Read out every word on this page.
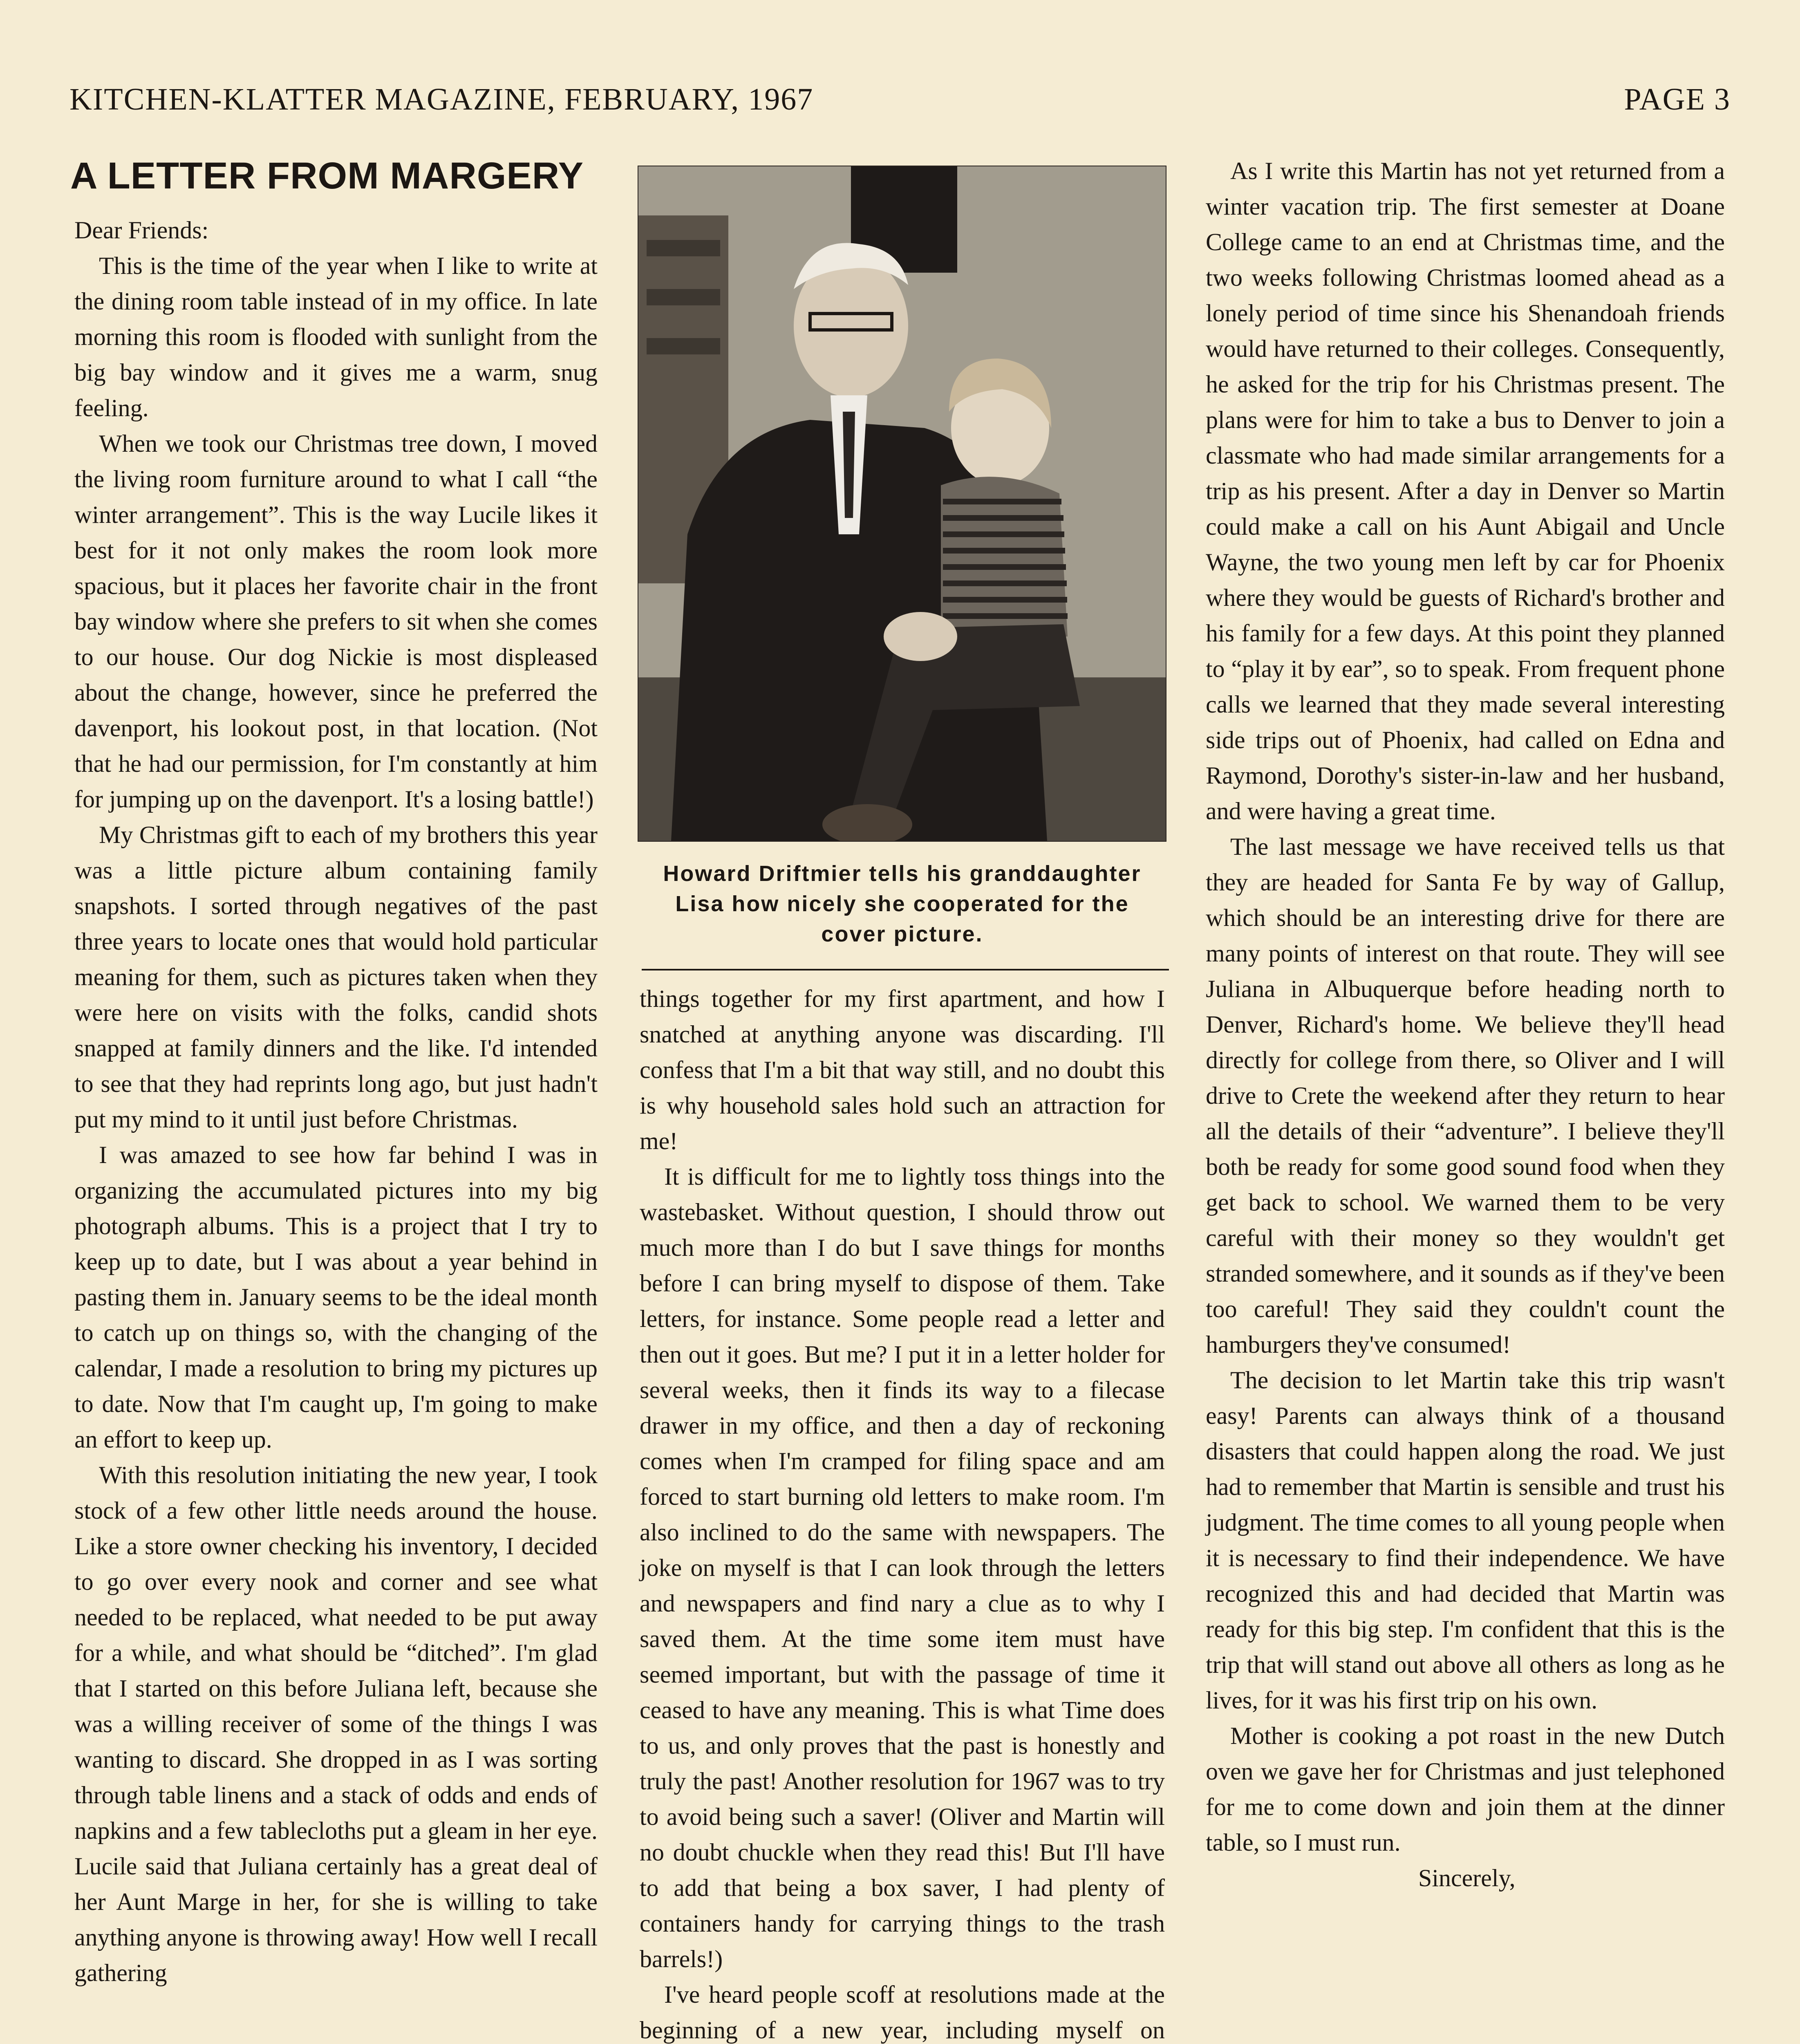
KITCHEN-KLATTER MAGAZINE, FEBRUARY, 1967	PAGE 3
A LETTER FROM MARGERY

Dear Friends:

This is the time of the year when I like to write at the dining room table instead of in my office. In late morning this room is flooded with sunlight from the big bay window and it gives me a warm, snug feeling.

When we took our Christmas tree down, I moved the living room furniture around to what I call “the winter arrangement”. This is the way Lucile likes it best for it not only makes the room look more spacious, but it places her favorite chair in the front bay window where she prefers to sit when she comes to our house. Our dog Nickie is most displeased about the change, however, since he preferred the davenport, his lookout post, in that location. (Not that he had our permission, for I'm constantly at him for jumping up on the davenport. It's a losing battle!)

My Christmas gift to each of my brothers this year was a little picture album containing family snapshots. I sorted through negatives of the past three years to locate ones that would hold particular meaning for them, such as pictures taken when they were here on visits with the folks, candid shots snapped at family dinners and the like. I'd intended to see that they had reprints long ago, but just hadn't put my mind to it until just before Christmas.

I was amazed to see how far behind I was in organizing the accumulated pictures into my big photograph albums. This is a project that I try to keep up to date, but I was about a year behind in pasting them in. January seems to be the ideal month to catch up on things so, with the changing of the calendar, I made a resolution to bring my pictures up to date. Now that I'm caught up, I'm going to make an effort to keep up.

With this resolution initiating the new year, I took stock of a few other little needs around the house. Like a store owner checking his inventory, I decided to go over every nook and corner and see what needed to be replaced, what needed to be put away for a while, and what should be “ditched”. I'm glad that I started on this before Juliana left, because she was a willing receiver of some of the things I was wanting to discard. She dropped in as I was sorting through table linens and a stack of odds and ends of napkins and a few tablecloths put a gleam in her eye. Lucile said that Juliana certainly has a great deal of her Aunt Marge in her, for she is willing to take anything anyone is throwing away! How well I recall gathering

Howard Driftmier tells his granddaughter Lisa how nicely she cooperated for the cover picture.

things together for my first apartment, and how I snatched at anything anyone was discarding. I'll confess that I'm a bit that way still, and no doubt this is why household sales hold such an attraction for me!

It is difficult for me to lightly toss things into the wastebasket. Without question, I should throw out much more than I do but I save things for months before I can bring myself to dispose of them. Take letters, for instance. Some people read a letter and then out it goes. But me? I put it in a letter holder for several weeks, then it finds its way to a filecase drawer in my office, and then a day of reckoning comes when I'm cramped for filing space and am forced to start burning old letters to make room. I'm also inclined to do the same with newspapers. The joke on myself is that I can look through the letters and newspapers and find nary a clue as to why I saved them. At the time some item must have seemed important, but with the passage of time it ceased to have any meaning. This is what Time does to us, and only proves that the past is honestly and truly the past! Another resolution for 1967 was to try to avoid being such a saver! (Oliver and Martin will no doubt chuckle when they read this! But I'll have to add that being a box saver, I had plenty of containers handy for carrying things to the trash barrels!)

I've heard people scoff at resolutions made at the beginning of a new year, including myself on

As I write this Martin has not yet returned from a winter vacation trip. The first semester at Doane College came to an end at Christmas time, and the two weeks following Christmas loomed ahead as a lonely period of time since his Shenandoah friends would have returned to their colleges. Consequently, he asked for the trip for his Christmas present. The plans were for him to take a bus to Denver to join a classmate who had made similar arrangements for a trip as his present. After a day in Denver so Martin could make a call on his Aunt Abigail and Uncle Wayne, the two young men left by car for Phoenix where they would be guests of Richard's brother and his family for a few days. At this point they planned to “play it by ear”, so to speak. From frequent phone calls we learned that they made several interesting side trips out of Phoenix, had called on Edna and Raymond, Dorothy's sister-in-law and her husband, and were having a great time.

The last message we have received tells us that they are headed for Santa Fe by way of Gallup, which should be an interesting drive for there are many points of interest on that route. They will see Juliana in Albuquerque before heading north to Denver, Richard's home. We believe they'll head directly for college from there, so Oliver and I will drive to Crete the weekend after they return to hear all the details of their “adventure”. I believe they'll both be ready for some good sound food when they get back to school. We warned them to be very careful with their money so they wouldn't get stranded somewhere, and it sounds as if they've been too careful! They said they couldn't count the hamburgers they've consumed!

The decision to let Martin take this trip wasn't easy! Parents can always think of a thousand disasters that could happen along the road. We just had to remember that Martin is sensible and trust his judgment. The time comes to all young people when it is necessary to find their independence. We have recognized this and had decided that Martin was ready for this big step. I'm confident that this is the trip that will stand out above all others as long as he lives, for it was his first trip on his own.

Mother is cooking a pot roast in the new Dutch oven we gave her for Christmas and just telephoned for me to come down and join them at the dinner table, so I must run.

Sincerely,
